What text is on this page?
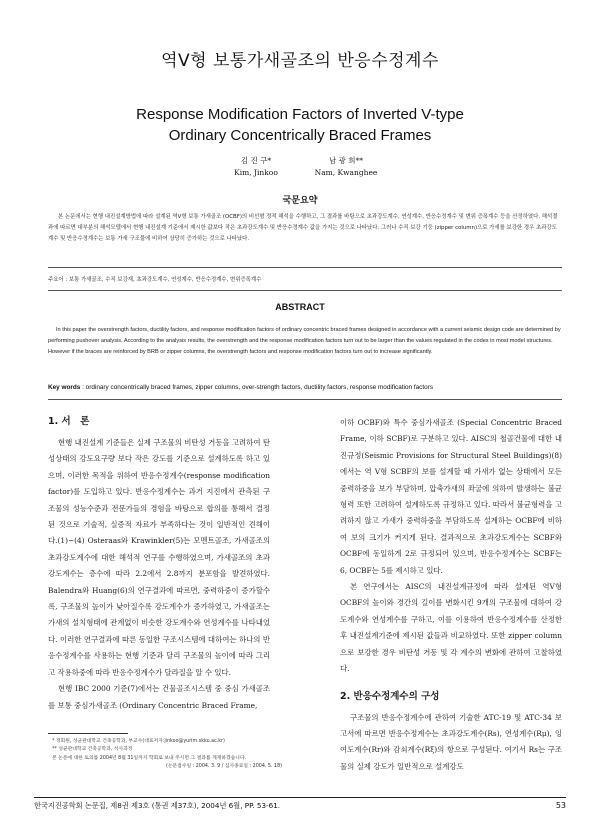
역V형 보통가새골조의 반응수정계수
Response Modification Factors of Inverted V-type
Ordinary Concentrically Braced Frames
김 진 구*
Kim, Jinkoo
남 광 희**
Nam, Kwanghee
국문요약
본 논문에서는 현행 내진설계방법에 따라 설계된 역V형 보통 가새골조 (OCBF)의 비선형 정적 해석을 수행하고, 그 결과를 바탕으로 초과강도계수, 연성계수, 반응수정계수 및 변위 증폭계수 등을 산정하였다. 해석결과에 따르면 대부분의 해석모델에서 현행 내진설계 기준에서 제시한 값보다 작은 초과강도계수 및 반응수정계수 값을 가지는 것으로 나타났다. 그러나 수직 보강 기둥 (zipper column)으로 가새를 보강한 경우 초과강도계수 및 반응수정계수는 보통 가새 구조물에 비하여 상당히 증가하는 것으로 나타났다.
주요어 : 보통 가새골조, 수직 보강재, 초과강도계수, 연성계수, 반응수정계수, 변위증폭계수
ABSTRACT
In this paper the overstrength factors, ductility factors, and response modification factors of ordinary concentric braced frames designed in accordance with a current seismic design code are determined by performing pushover analysis. According to the analysis results, the overstrength and the response modification factors turn out to be larger than the values regulated in the codes in most model structures. However if the braces are reinforced by BRB or zipper columns, the overstrength factors and response modification factors turn out to increase significantly.
Key words : ordinary concentrically braced frames, zipper columns, over-strength factors, ductility factors, response modification factors
1. 서　론

현행 내진설계 기준들은 실제 구조물의 비탄성 거동을 고려하여 탄성상태의 강도요구량 보다 작은 강도를 기준으로 설계하도록 하고 있으며, 이러한 목적을 위하여 반응수정계수(response modification factor)를 도입하고 있다. 반응수정계수는 과거 지진에서 관측된 구조물의 성능수준과 전문가들의 경험을 바탕으로 합의를 통해서 결정된 것으로 기술적, 실증적 자료가 부족하다는 것이 일반적인 견해이다.(1)~(4) Osteraas와 Krawinkler(5)는 모멘트골조, 가새골조의 초과강도계수에 대한 해석적 연구를 수행하였으며, 가새골조의 초과강도계수는 층수에 따라 2.2에서 2.8까지 분포함을 발견하였다. Balendra와 Huang(6)의 연구결과에 따르면, 중력하중이 증가할수록, 구조물의 높이가 낮아질수록 강도계수가 증가하였고, 가새골조는 가새의 설치형태에 관계없이 비슷한 강도계수와 연성계수를 나타내었다. 이러한 연구결과에 따른 동일한 구조시스템에 대하여는 하나의 반응수정계수를 사용하는 현행 기준과 달리 구조물의 높이에 따라 그리고 작용하중에 따라 반응수정계수가 달라질을 알 수 있다.

현행 IBC 2000 기준(7)에서는 건물골조시스템 중 중심 가새골조를 보통 중심가새골조 (Ordinary Concentric Braced Frame,

이하 OCBF)와 특수 중심가새골조 (Special Concentric Braced Frame, 이하 SCBF)로 구분하고 있다. AISC의 철골건물에 대한 내진규정(Seismic Provisions for Structural Steel Buildings)(8)에서는 역 V형 SCBF의 보를 설계할 때 가새가 없는 상태에서 모든 중력하중을 보가 부담하며, 압축가새의 좌굴에 의하여 발생하는 불균형력 또한 고려하여 설계하도록 규정하고 있다. 따라서 불균형력을 고려하지 않고 가새가 중력하중을 부담하도록 설계하는 OCBF에 비하여 보의 크기가 커지게 된다. 결과적으로 초과강도계수는 SCBF와 OCBF에 동일하게 2로 규정되어 있으며, 반응수정계수는 SCBF는 6, OCBF는 5를 제시하고 있다.

본 연구에서는 AISC의 내진설계규정에 따라 설계된 역V형 OCBF의 높이와 경간의 길이를 변화시킨 9개의 구조물에 대하여 강도계수와 연성계수를 구하고, 이를 이용하여 반응수정계수를 산정한 후 내진설계기준에 제시된 값들과 비교하였다. 또한 zipper column으로 보강한 경우 비탄성 거동 및 각 계수의 변화에 관하여 고찰하였다.

2. 반응수정계수의 구성

구조물의 반응수정계수에 관하여 기술한 ATC-19 및 ATC-34 보고서에 따르면 반응수정계수는 초과강도계수(Rs), 연성계수(Rμ), 잉여도계수(Rr)와 감쇠계수(Rξ)의 항으로 구성된다. 여기서 Rs는 구조물의 실제 강도가 일반적으로 설계강도

* 정회원, 성균관대학교 건축공학과, 부교수(대표저자:jinkoo@yurim.skku.ac.kr)
** 성균관대학교 건축공학과, 석사과정
본 논문에 대한 토의를 2004년 8월 31일까지 학회로 보내 주시면 그 결과를 게재하겠습니다.
(논문접수일 : 2004. 3. 9 / 심사종료일 : 2004. 5. 18)
한국지진공학회 논문집, 제8권 제3호 (통권 제37호), 2004년 6월, PP. 53-61.	53
